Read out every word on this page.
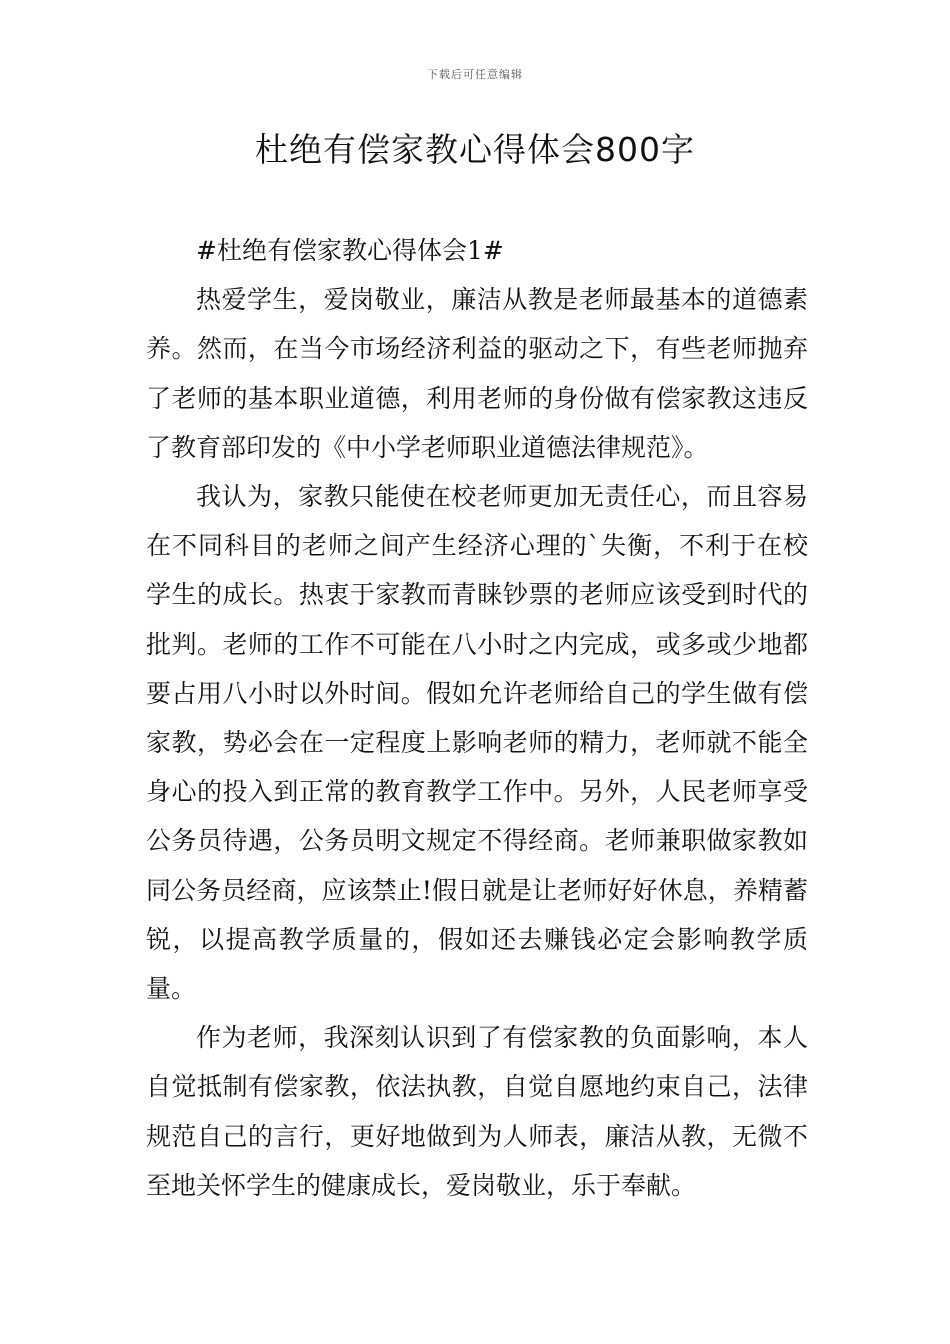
下载后可任意编辑
杜绝有偿家教心得体会800字

#杜绝有偿家教心得体会1#

热爱学生，爱岗敬业，廉洁从教是老师最基本的道德素养。然而，在当今市场经济利益的驱动之下，有些老师抛弃了老师的基本职业道德，利用老师的身份做有偿家教这违反了教育部印发的《中小学老师职业道德法律规范》。

我认为，家教只能使在校老师更加无责任心，而且容易在不同科目的老师之间产生经济心理的`失衡，不利于在校学生的成长。热衷于家教而青睐钞票的老师应该受到时代的批判。老师的工作不可能在八小时之内完成，或多或少地都要占用八小时以外时间。假如允许老师给自己的学生做有偿家教，势必会在一定程度上影响老师的精力，老师就不能全身心的投入到正常的教育教学工作中。另外，人民老师享受公务员待遇，公务员明文规定不得经商。老师兼职做家教如同公务员经商，应该禁止!假日就是让老师好好休息，养精蓄锐，以提高教学质量的，假如还去赚钱必定会影响教学质量。

作为老师，我深刻认识到了有偿家教的负面影响，本人自觉抵制有偿家教，依法执教，自觉自愿地约束自己，法律规范自己的言行，更好地做到为人师表，廉洁从教，无微不至地关怀学生的健康成长，爱岗敬业，乐于奉献。
